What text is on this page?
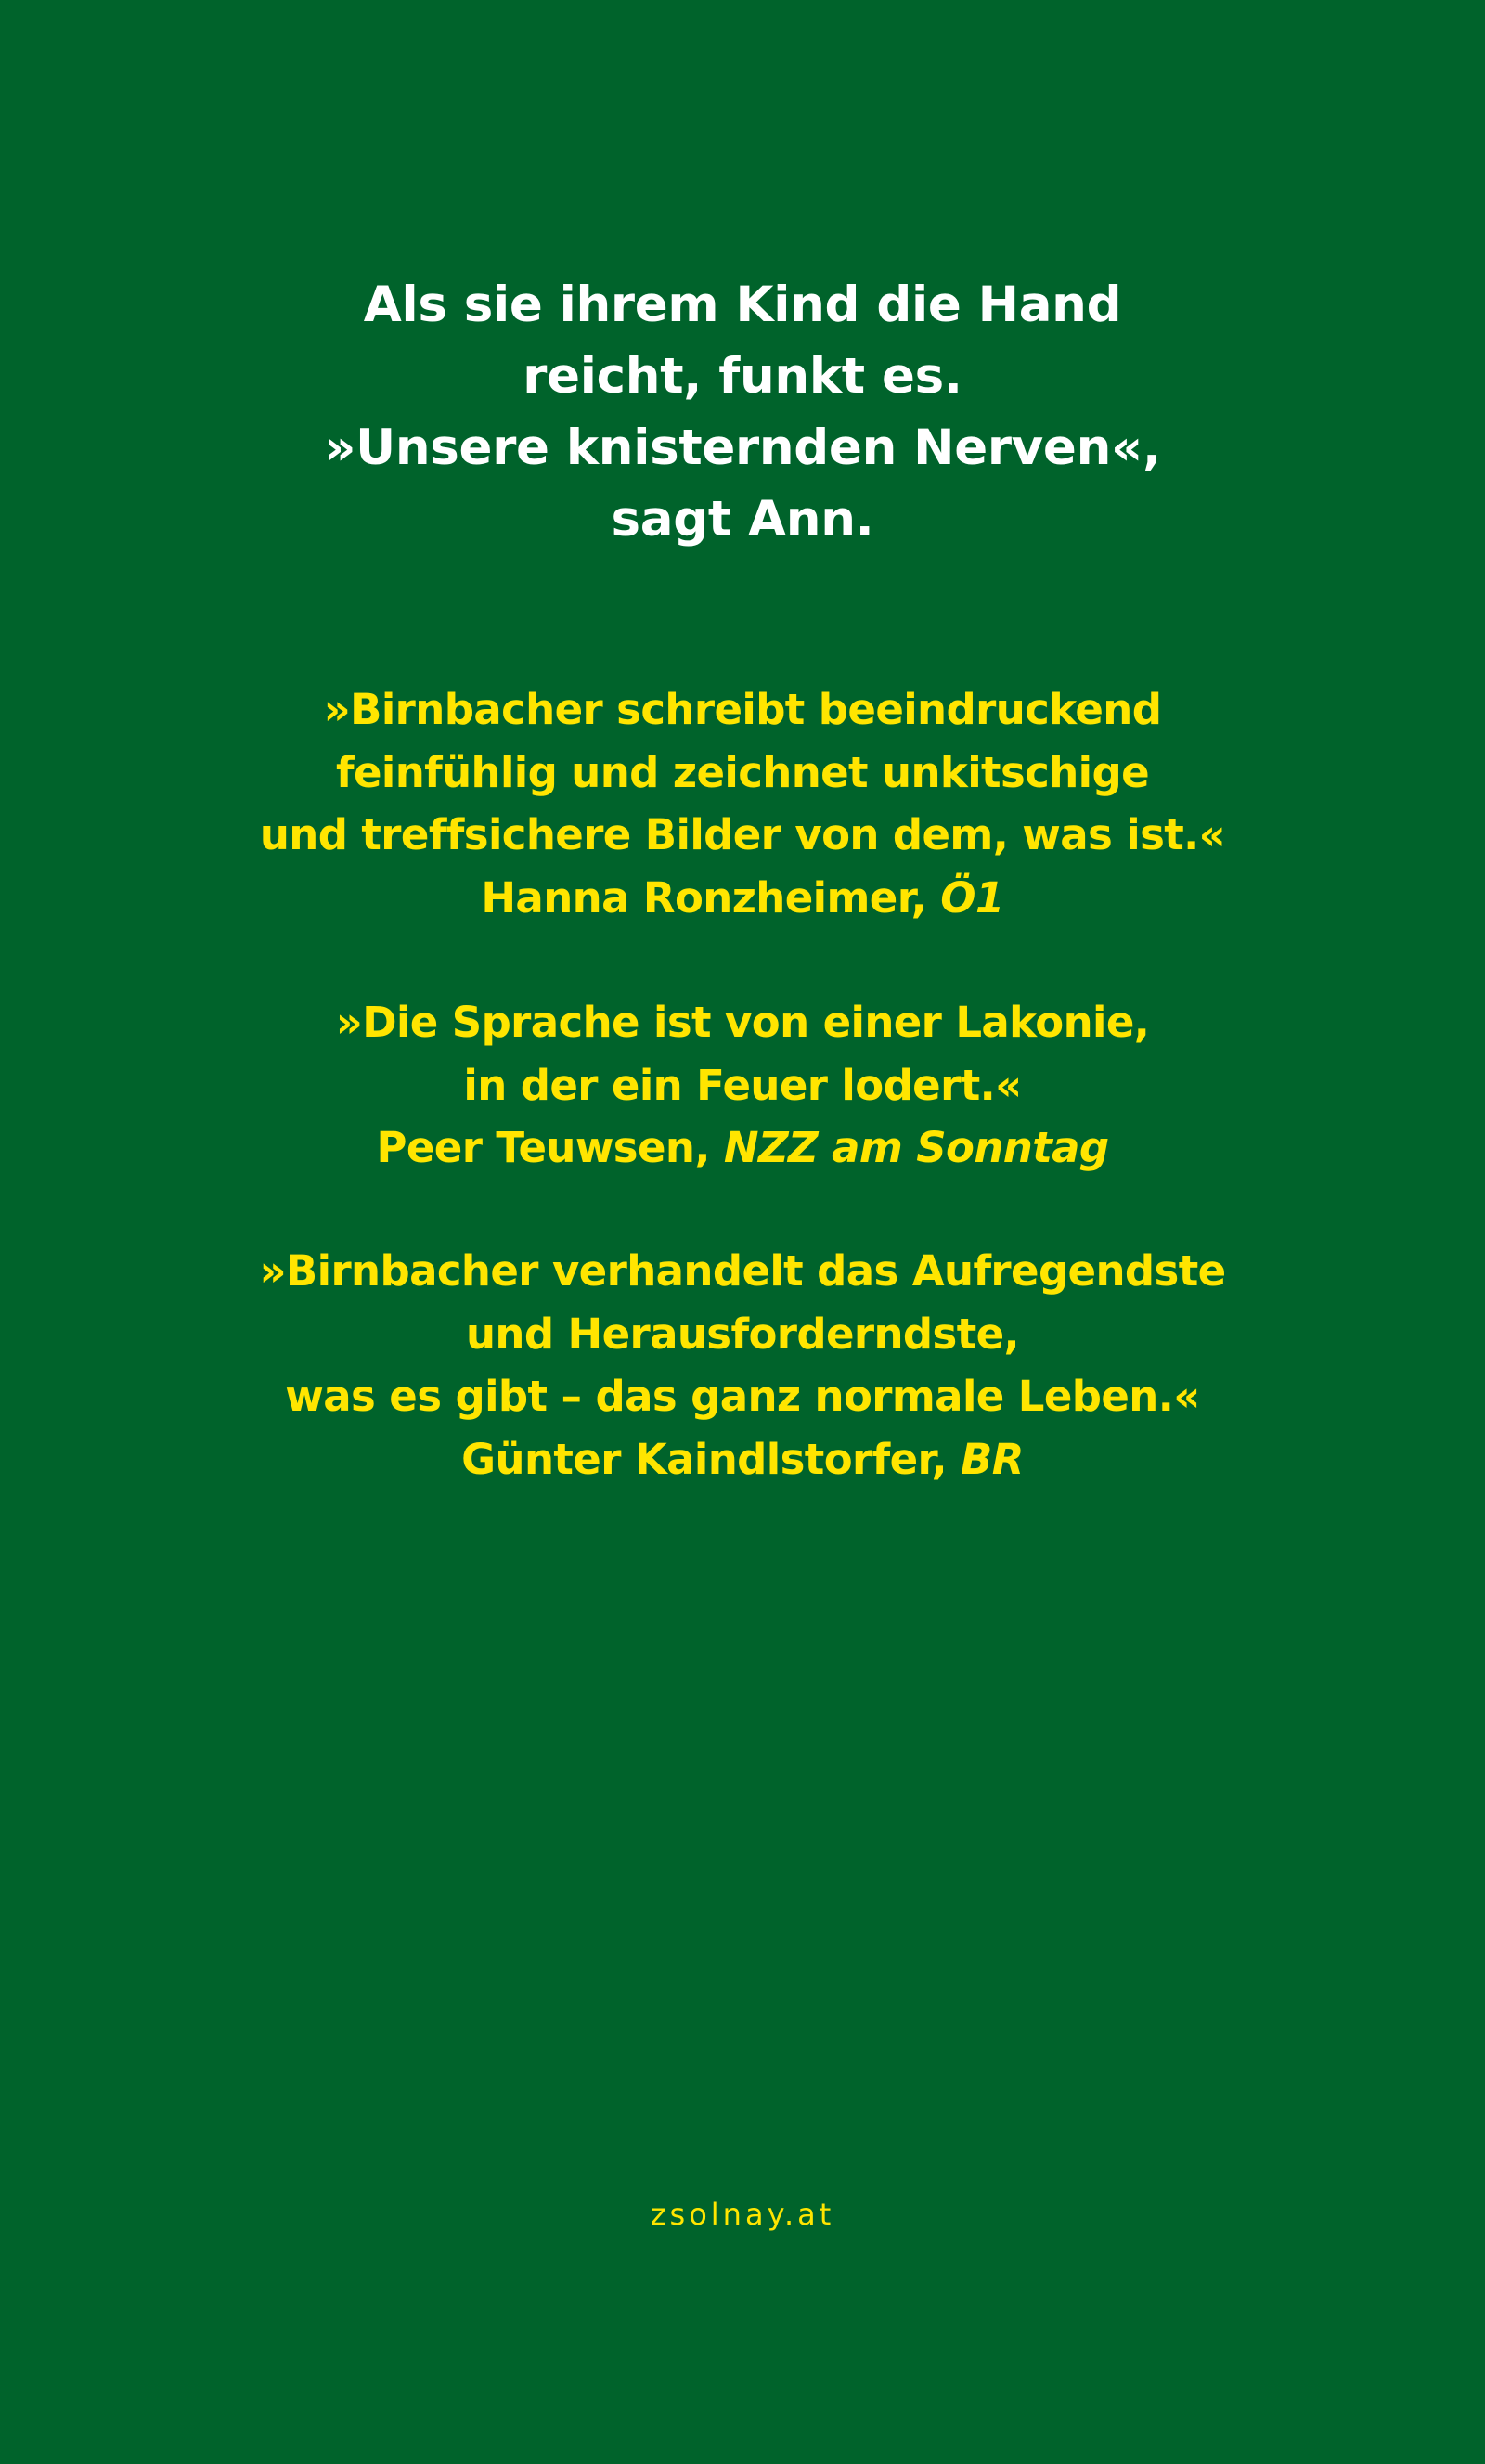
Als sie ihrem Kind die Hand
reicht, funkt es.
»Unsere knisternden Nerven«,
sagt Ann.
»Birnbacher schreibt beeindruckend
feinfühlig und zeichnet unkitschige
und treffsichere Bilder von dem, was ist.«
Hanna Ronzheimer, Ö1
»Die Sprache ist von einer Lakonie,
in der ein Feuer lodert.«
Peer Teuwsen, NZZ am Sonntag
»Birnbacher verhandelt das Aufregendste
und Herausforderndste,
was es gibt – das ganz normale Leben.«
Günter Kaindlstorfer, BR
zsolnay.at
